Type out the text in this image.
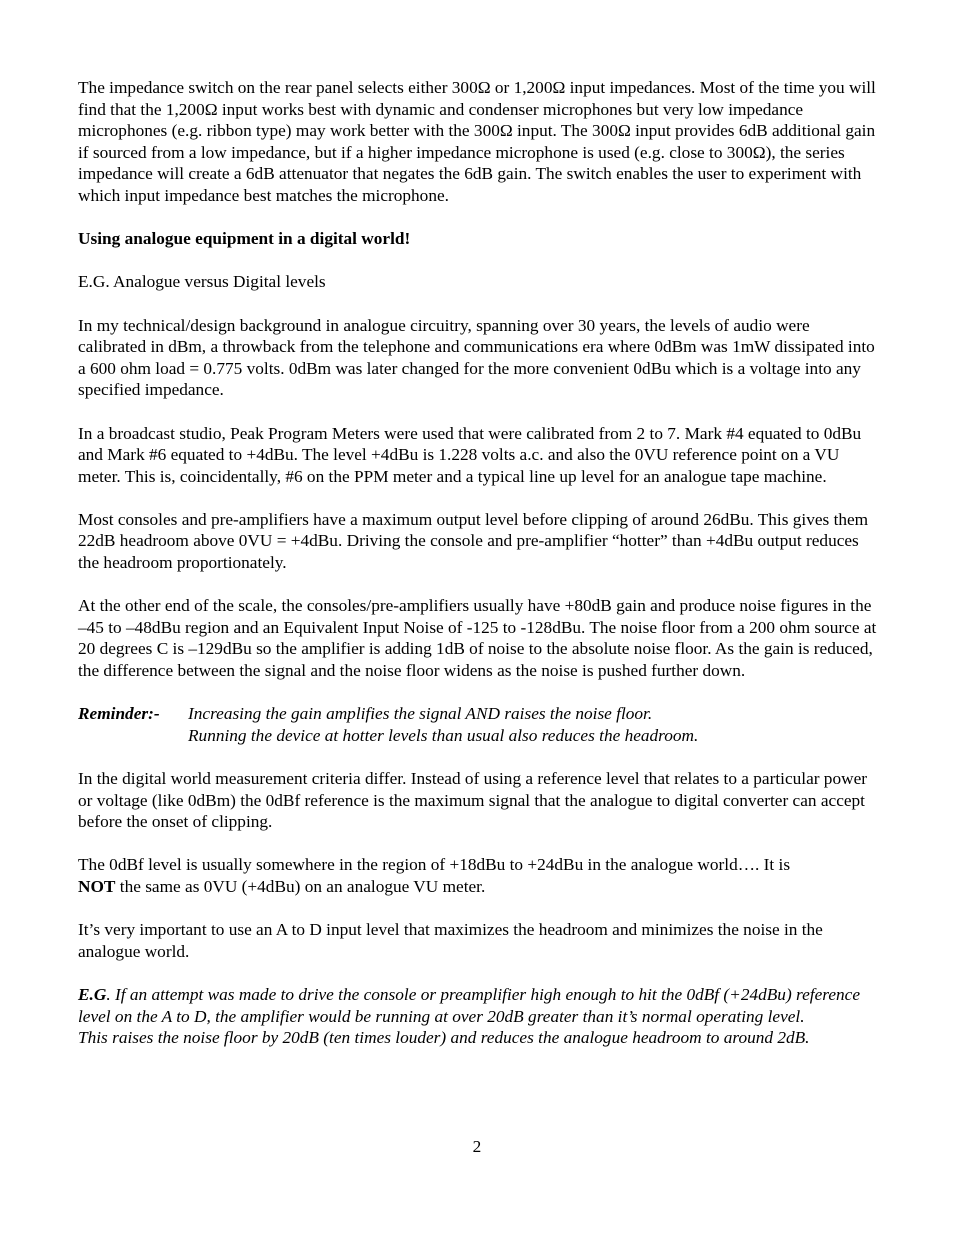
The impedance switch on the rear panel selects either 300Ω or 1,200Ω input impedances. Most of the time you will find that the 1,200Ω input works best with dynamic and condenser microphones but very low impedance microphones (e.g. ribbon type) may work better with the 300Ω input. The 300Ω input provides 6dB additional gain if sourced from a low impedance, but if a higher impedance microphone is used (e.g. close to 300Ω), the series impedance will create a 6dB attenuator that negates the 6dB gain. The switch enables the user to experiment with which input impedance best matches the microphone.

Using analogue equipment in a digital world!

E.G. Analogue versus Digital levels

In my technical/design background in analogue circuitry, spanning over 30 years, the levels of audio were calibrated in dBm, a throwback from the telephone and communications era where 0dBm was 1mW dissipated into a 600 ohm load = 0.775 volts. 0dBm was later changed for the more convenient 0dBu which is a voltage into any specified impedance.

In a broadcast studio, Peak Program Meters were used that were calibrated from 2 to 7. Mark #4 equated to 0dBu and Mark #6 equated to +4dBu. The level +4dBu is 1.228 volts a.c. and also the 0VU reference point on a VU meter. This is, coincidentally, #6 on the PPM meter and a typical line up level for an analogue tape machine.

Most consoles and pre-amplifiers have a maximum output level before clipping of around 26dBu. This gives them 22dB headroom above 0VU = +4dBu. Driving the console and pre-amplifier “hotter” than +4dBu output reduces the headroom proportionately.

At the other end of the scale, the consoles/pre-amplifiers usually have +80dB gain and produce noise figures in the –45 to –48dBu region and an Equivalent Input Noise of -125 to -128dBu. The noise floor from a 200 ohm source at 20 degrees C is –129dBu so the amplifier is adding 1dB of noise to the absolute noise floor. As the gain is reduced, the difference between the signal and the noise floor widens as the noise is pushed further down.

Reminder:-	Increasing the gain amplifies the signal AND raises the noise floor.
Running the device at hotter levels than usual also reduces the headroom.

In the digital world measurement criteria differ. Instead of using a reference level that relates to a particular power or voltage (like 0dBm) the 0dBf reference is the maximum signal that the analogue to digital converter can accept before the onset of clipping.

The 0dBf level is usually somewhere in the region of +18dBu to +24dBu in the analogue world…. It is
NOT the same as 0VU (+4dBu) on an analogue VU meter.

It’s very important to use an A to D input level that maximizes the headroom and minimizes the noise in the analogue world.

E.G. If an attempt was made to drive the console or preamplifier high enough to hit the 0dBf (+24dBu) reference level on the A to D, the amplifier would be running at over 20dB greater than it’s normal operating level.

This raises the noise floor by 20dB (ten times louder) and reduces the analogue headroom to around 2dB.

2
